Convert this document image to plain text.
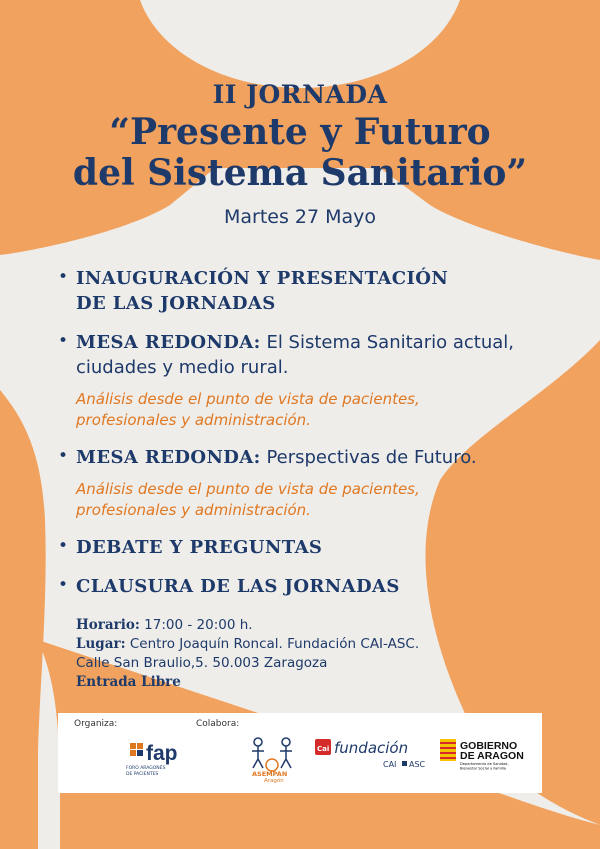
II JORNADA
“Presente y Futuro
del Sistema Sanitario”
Martes 27 Mayo
• INAUGURACIÓN Y PRESENTACIÓN
DE LAS JORNADAS
• MESA REDONDA: El Sistema Sanitario actual,
ciudades y medio rural.
Análisis desde el punto de vista de pacientes,
profesionales y administración.
• MESA REDONDA: Perspectivas de Futuro.
Análisis desde el punto de vista de pacientes,
profesionales y administración.
• DEBATE Y PREGUNTAS
• CLAUSURA DE LAS JORNADAS
Horario: 17:00 - 20:00 h.
Lugar: Centro Joaquín Roncal. Fundación CAI-ASC.
Calle San Braulio,5. 50.003 Zaragoza
Entrada Libre
Organiza:	Colabora:
fap
FORO ARAGONÉS
DE PACIENTES	ASEMPAN
Aragón
Cai fundación
CAI ASC
GOBIERNO
DE ARAGON
Departamento de Sanidad,
Bienestar Social y Familia
